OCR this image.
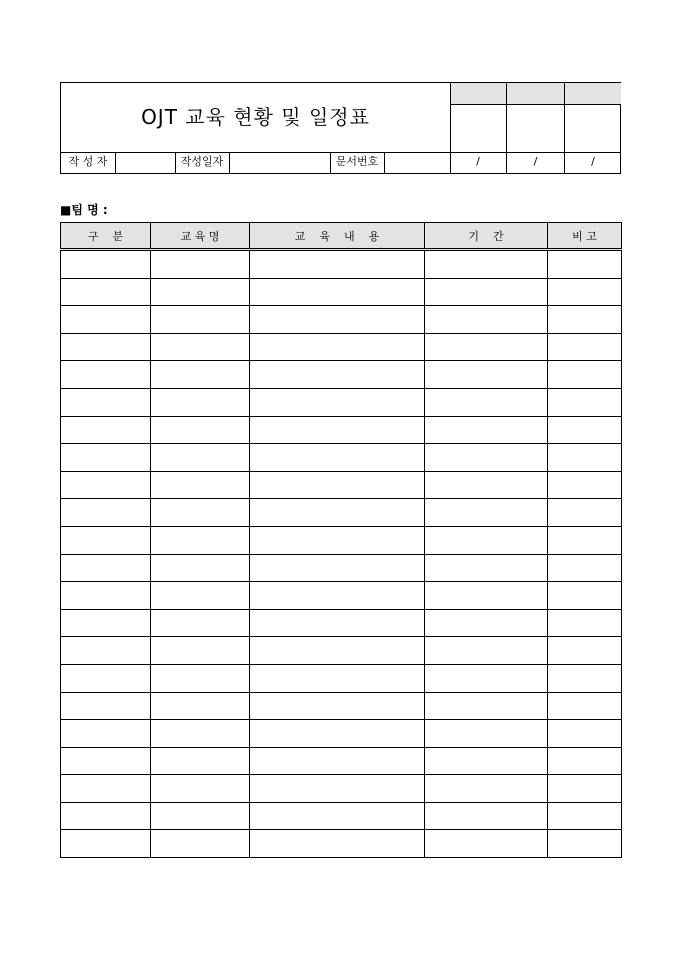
OJT 교육 현황 및 일정표
작 성 자	작성일자	문서번호	/	/	/
■팀 명 :
구    분	교 육 명	교    육    내    용	기    간	비 고
